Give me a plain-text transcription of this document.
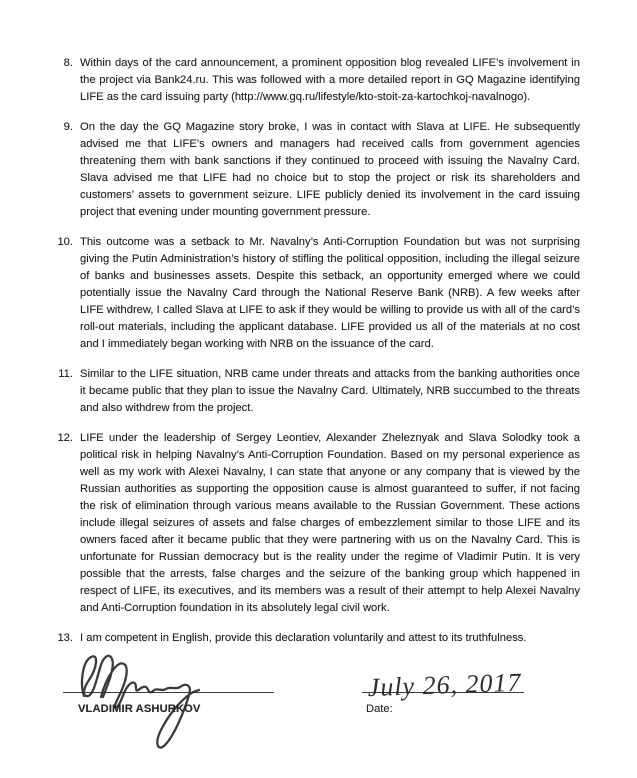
8. Within days of the card announcement, a prominent opposition blog revealed LIFE’s involvement in the project via Bank24.ru. This was followed with a more detailed report in GQ Magazine identifying LIFE as the card issuing party (http://www.gq.ru/lifestyle/kto-stoit-za-kartochkoj-navalnogo).
9. On the day the GQ Magazine story broke, I was in contact with Slava at LIFE. He subsequently advised me that LIFE’s owners and managers had received calls from government agencies threatening them with bank sanctions if they continued to proceed with issuing the Navalny Card. Slava advised me that LIFE had no choice but to stop the project or risk its shareholders and customers’ assets to government seizure. LIFE publicly denied its involvement in the card issuing project that evening under mounting government pressure.
10. This outcome was a setback to Mr. Navalny’s Anti-Corruption Foundation but was not surprising giving the Putin Administration’s history of stifling the political opposition, including the illegal seizure of banks and businesses assets. Despite this setback, an opportunity emerged where we could potentially issue the Navalny Card through the National Reserve Bank (NRB). A few weeks after LIFE withdrew, I called Slava at LIFE to ask if they would be willing to provide us with all of the card’s roll-out materials, including the applicant database. LIFE provided us all of the materials at no cost and I immediately began working with NRB on the issuance of the card.
11. Similar to the LIFE situation, NRB came under threats and attacks from the banking authorities once it became public that they plan to issue the Navalny Card. Ultimately, NRB succumbed to the threats and also withdrew from the project.
12. LIFE under the leadership of Sergey Leontiev, Alexander Zheleznyak and Slava Solodky took a political risk in helping Navalny’s Anti-Corruption Foundation. Based on my personal experience as well as my work with Alexei Navalny, I can state that anyone or any company that is viewed by the Russian authorities as supporting the opposition cause is almost guaranteed to suffer, if not facing the risk of elimination through various means available to the Russian Government. These actions include illegal seizures of assets and false charges of embezzlement similar to those LIFE and its owners faced after it became public that they were partnering with us on the Navalny Card. This is unfortunate for Russian democracy but is the reality under the regime of Vladimir Putin. It is very possible that the arrests, false charges and the seizure of the banking group which happened in respect of LIFE, its executives, and its members was a result of their attempt to help Alexei Navalny and Anti-Corruption foundation in its absolutely legal civil work.
13. I am competent in English, provide this declaration voluntarily and attest to its truthfulness.
VLADIMIR ASHURKOV
July 26, 2017
Date:
